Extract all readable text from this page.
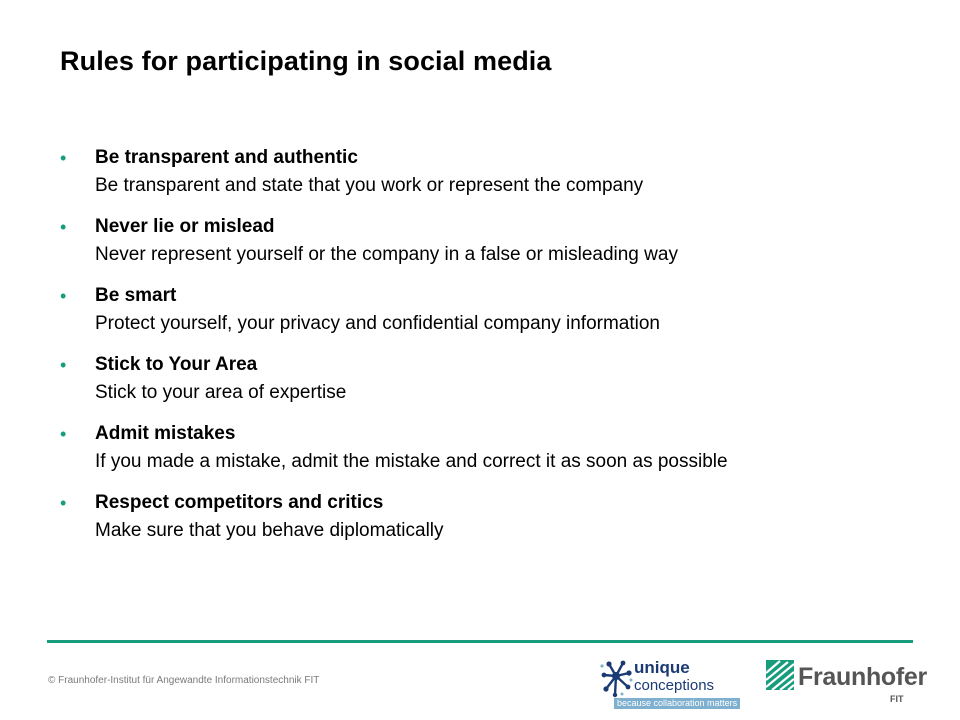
Rules for participating in social media
• Be transparent and authentic
Be transparent and state that you work or represent the company
• Never lie or mislead
Never represent yourself or the company in a false or misleading way
• Be smart
Protect yourself, your privacy and confidential company information
• Stick to Your Area
Stick to your area of expertise
• Admit mistakes
If you made a mistake, admit the mistake and correct it as soon as possible
• Respect competitors and critics
Make sure that you behave diplomatically
© Fraunhofer-Institut für Angewandte Informationstechnik FIT
unique
conceptions
because collaboration matters
Fraunhofer
FIT
